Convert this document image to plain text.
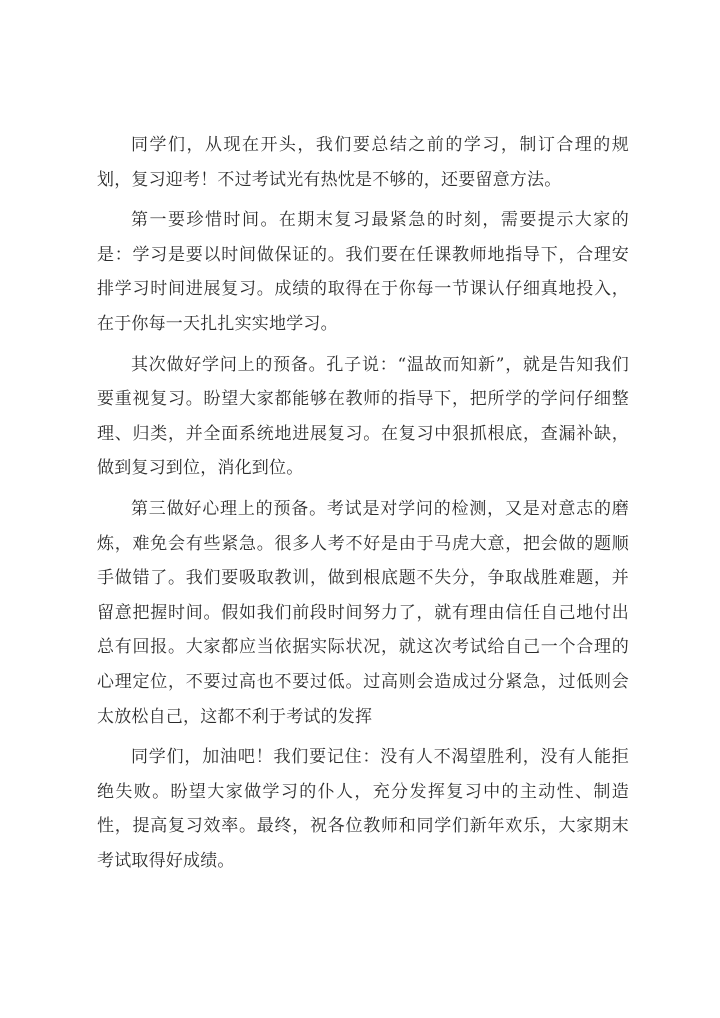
同学们，从现在开头，我们要总结之前的学习，制订合理的规划，复习迎考！不过考试光有热忱是不够的，还要留意方法。

第一要珍惜时间。在期末复习最紧急的时刻，需要提示大家的是：学习是要以时间做保证的。我们要在任课教师地指导下，合理安排学习时间进展复习。成绩的取得在于你每一节课认仔细真地投入，在于你每一天扎扎实实地学习。

其次做好学问上的预备。孔子说：“温故而知新”，就是告知我们要重视复习。盼望大家都能够在教师的指导下，把所学的学问仔细整理、归类，并全面系统地进展复习。在复习中狠抓根底，查漏补缺，做到复习到位，消化到位。

第三做好心理上的预备。考试是对学问的检测，又是对意志的磨炼，难免会有些紧急。很多人考不好是由于马虎大意，把会做的题顺手做错了。我们要吸取教训，做到根底题不失分，争取战胜难题，并留意把握时间。假如我们前段时间努力了，就有理由信任自己地付出总有回报。大家都应当依据实际状况，就这次考试给自己一个合理的心理定位，不要过高也不要过低。过高则会造成过分紧急，过低则会太放松自己，这都不利于考试的发挥

同学们，加油吧！我们要记住：没有人不渴望胜利，没有人能拒绝失败。盼望大家做学习的仆人，充分发挥复习中的主动性、制造性，提高复习效率。最终，祝各位教师和同学们新年欢乐，大家期末考试取得好成绩。
